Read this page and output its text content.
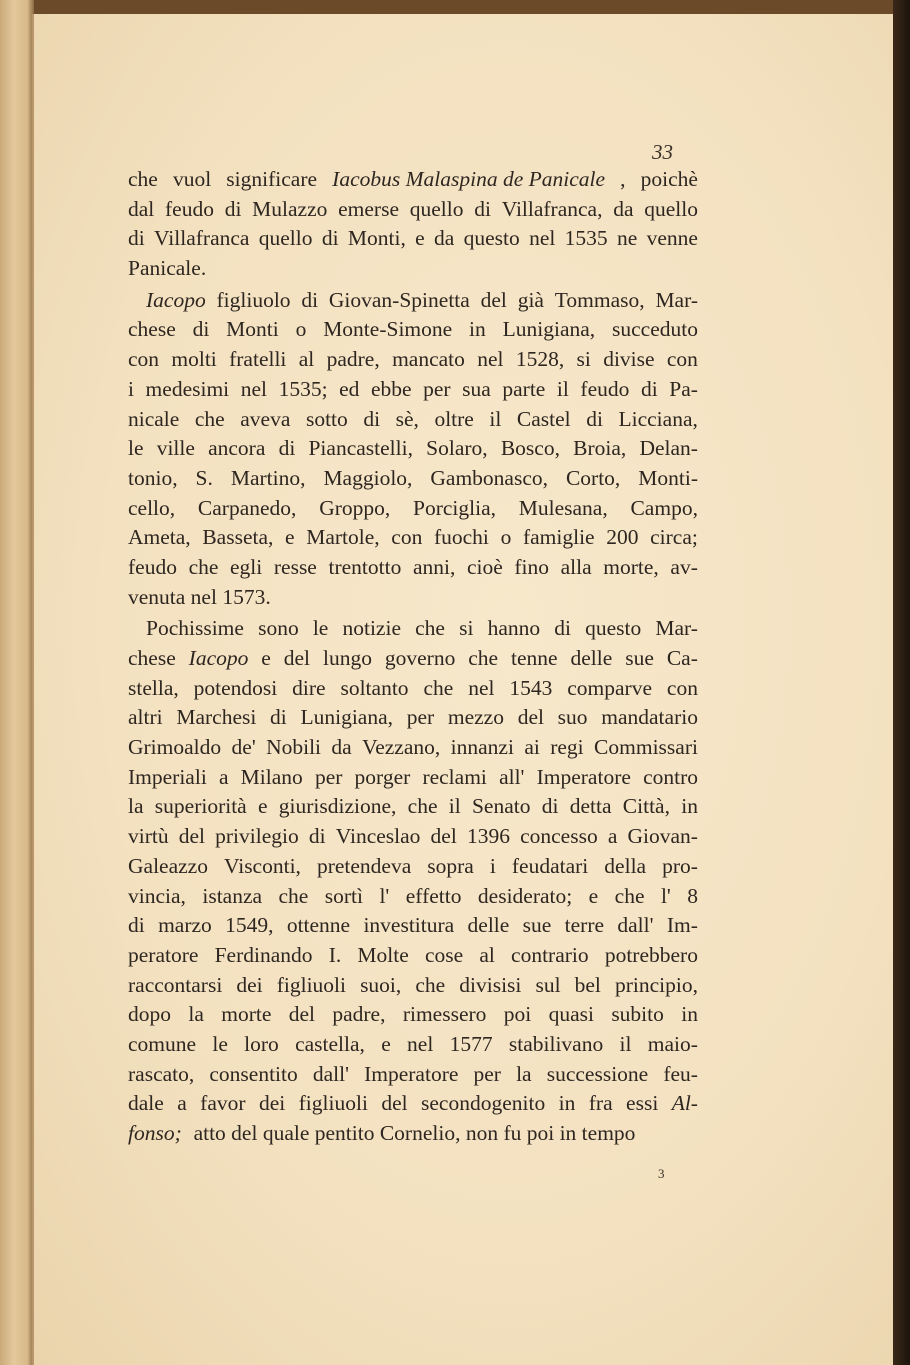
33
che vuol significare Iacobus Malaspina de Panicale , poichè
dal feudo di Mulazzo emerse quello di Villafranca, da quello
di Villafranca quello di Monti, e da questo nel 1535 ne venne
Panicale.
Iacopo figliuolo di Giovan-Spinetta del già Tommaso, Mar-
chese di Monti o Monte-Simone in Lunigiana, succeduto
con molti fratelli al padre, mancato nel 1528, si divise con
i medesimi nel 1535; ed ebbe per sua parte il feudo di Pa-
nicale che aveva sotto di sè, oltre il Castel di Licciana,
le ville ancora di Piancastelli, Solaro, Bosco, Broia, Delan-
tonio, S. Martino, Maggiolo, Gambonasco, Corto, Monti-
cello, Carpanedo, Groppo, Porciglia, Mulesana, Campo,
Ameta, Basseta, e Martole, con fuochi o famiglie 200 circa;
feudo che egli resse trentotto anni, cioè fino alla morte, av-
venuta nel 1573.
Pochissime sono le notizie che si hanno di questo Mar-
chese Iacopo e del lungo governo che tenne delle sue Ca-
stella, potendosi dire soltanto che nel 1543 comparve con
altri Marchesi di Lunigiana, per mezzo del suo mandatario
Grimoaldo de' Nobili da Vezzano, innanzi ai regi Commissari
Imperiali a Milano per porger reclami all' Imperatore contro
la superiorità e giurisdizione, che il Senato di detta Città, in
virtù del privilegio di Vinceslao del 1396 concesso a Giovan-
Galeazzo Visconti, pretendeva sopra i feudatari della pro-
vincia, istanza che sortì l' effetto desiderato; e che l' 8
di marzo 1549, ottenne investitura delle sue terre dall' Im-
peratore Ferdinando I. Molte cose al contrario potrebbero
raccontarsi dei figliuoli suoi, che divisisi sul bel principio,
dopo la morte del padre, rimessero poi quasi subito in
comune le loro castella, e nel 1577 stabilivano il maio-
rascato, consentito dall' Imperatore per la successione feu-
dale a favor dei figliuoli del secondogenito in fra essi Al-
fonso; atto del quale pentito Cornelio, non fu poi in tempo
3
